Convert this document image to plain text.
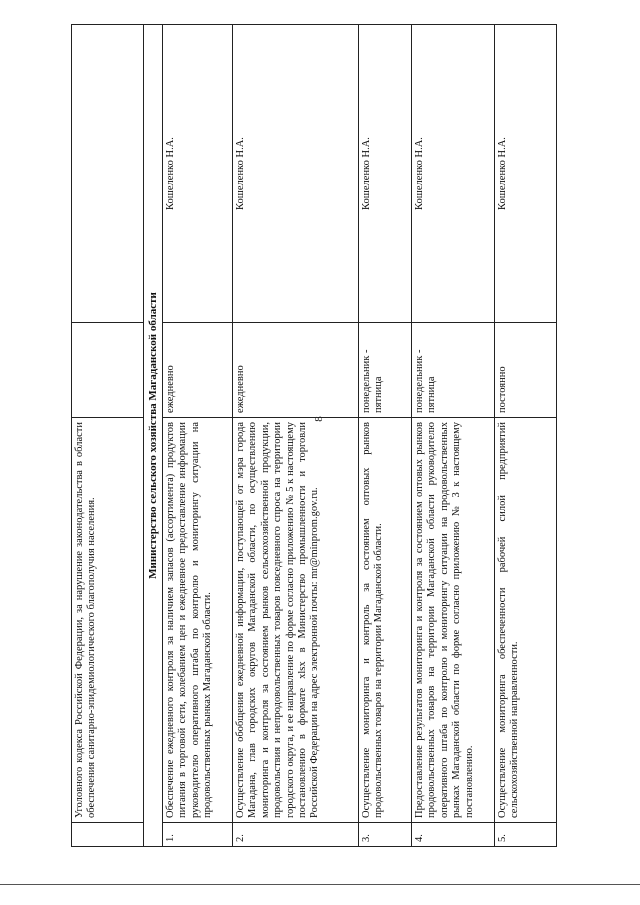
8
	Уголовного кодекса Российской Федерации, за нарушение законодательства в области обеспечения санитарно-эпидемиологического благополучия населения.		
Министерство сельского хозяйства Магаданской области			
1.	Обеспечение ежедневного контроля за наличием запасов (ассортимента) продуктов питания в торговой сети, колебанием цен и ежедневное предоставление информации руководителю оперативного штаба по контролю и мониторингу ситуации на продовольственных рынках Магаданской области.	ежедневно	Кошеленко Н.А.
2.	Осуществление обобщения ежедневной информации, поступающей от мэра города Магадана, глав городских округов Магаданской области, по осуществлению мониторинга и контроля за состоянием рынков сельскохозяйственной продукции, продовольствия и непродовольственных товаров повседневного спроса на территории городского округа, и ее направление по форме согласно приложению № 5 к настоящему постановлению в формате xlsx в Министерство промышленности и торговли Российской Федерации на адрес электронной почты: mr@minprom.gov.ru.	ежедневно	Кошеленко Н.А.
3.	Осуществление мониторинга и контроль за состоянием оптовых рынков продовольственных товаров на территории Магаданской области.	понедельник - пятница	Кошеленко Н.А.
4.	Предоставление результатов мониторинга и контроля за состоянием оптовых рынков продовольственных товаров на территории Магаданской области руководителю оперативного штаба по контролю и мониторингу ситуации на продовольственных рынках Магаданской области по форме согласно приложению № 3 к настоящему постановлению.	понедельник - пятница	Кошеленко Н.А.
5.	Осуществление мониторинга обеспеченности рабочей силой предприятий сельскохозяйственной направленности.	постоянно	Кошеленко Н.А.
